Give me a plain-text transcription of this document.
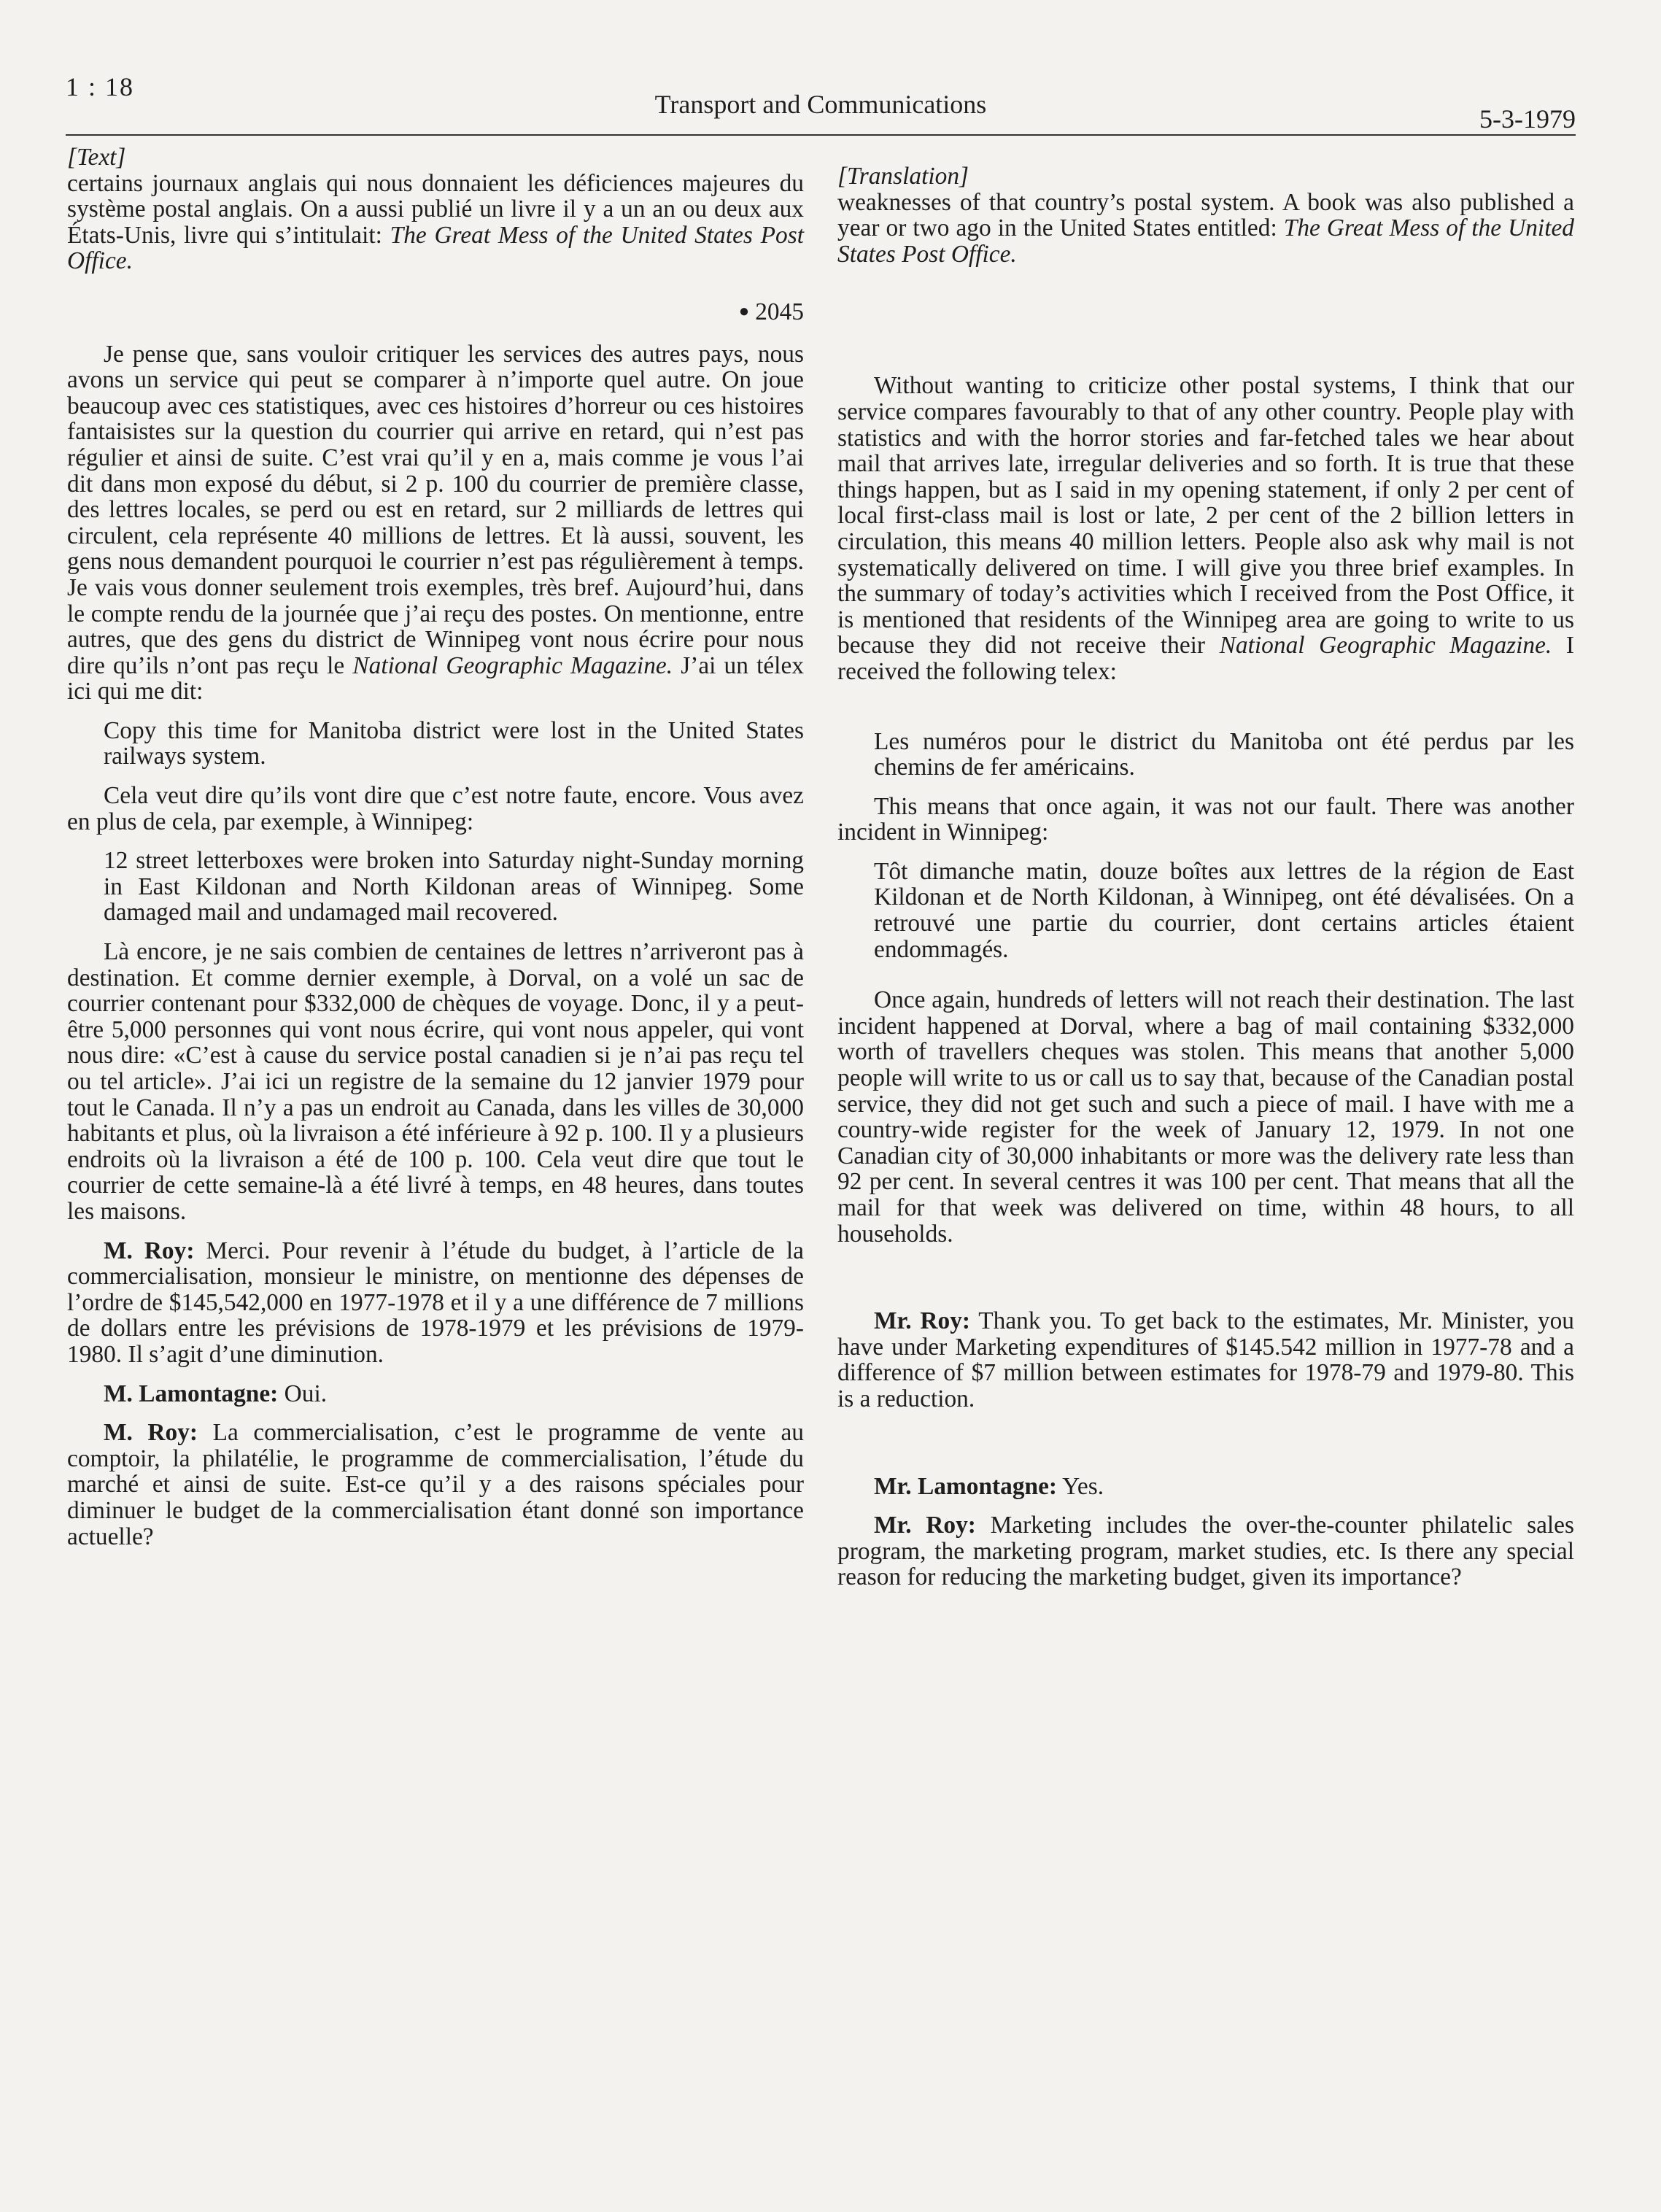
1 : 18
Transport and Communications	5-3-1979

[Text]

certains journaux anglais qui nous donnaient les déficiences majeures du système postal anglais. On a aussi publié un livre il y a un an ou deux aux États-Unis, livre qui s’intitulait: The Great Mess of the United States Post Office.

● 2045

Je pense que, sans vouloir critiquer les services des autres pays, nous avons un service qui peut se comparer à n’importe quel autre. On joue beaucoup avec ces statistiques, avec ces histoires d’horreur ou ces histoires fantaisistes sur la question du courrier qui arrive en retard, qui n’est pas régulier et ainsi de suite. C’est vrai qu’il y en a, mais comme je vous l’ai dit dans mon exposé du début, si 2 p. 100 du courrier de première classe, des lettres locales, se perd ou est en retard, sur 2 milliards de lettres qui circulent, cela représente 40 millions de lettres. Et là aussi, souvent, les gens nous demandent pourquoi le courrier n’est pas régulièrement à temps. Je vais vous donner seulement trois exemples, très bref. Aujourd’hui, dans le compte rendu de la journée que j’ai reçu des postes. On mentionne, entre autres, que des gens du district de Winnipeg vont nous écrire pour nous dire qu’ils n’ont pas reçu le National Geographic Magazine. J’ai un télex ici qui me dit:

Copy this time for Manitoba district were lost in the United States railways system.

Cela veut dire qu’ils vont dire que c’est notre faute, encore. Vous avez en plus de cela, par exemple, à Winnipeg:

12 street letterboxes were broken into Saturday night-Sunday morning in East Kildonan and North Kildonan areas of Winnipeg. Some damaged mail and undamaged mail recovered.

Là encore, je ne sais combien de centaines de lettres n’arriveront pas à destination. Et comme dernier exemple, à Dorval, on a volé un sac de courrier contenant pour $332,000 de chèques de voyage. Donc, il y a peut-être 5,000 personnes qui vont nous écrire, qui vont nous appeler, qui vont nous dire: «C’est à cause du service postal canadien si je n’ai pas reçu tel ou tel article». J’ai ici un registre de la semaine du 12 janvier 1979 pour tout le Canada. Il n’y a pas un endroit au Canada, dans les villes de 30,000 habitants et plus, où la livraison a été inférieure à 92 p. 100. Il y a plusieurs endroits où la livraison a été de 100 p. 100. Cela veut dire que tout le courrier de cette semaine-là a été livré à temps, en 48 heures, dans toutes les maisons.

M. Roy: Merci. Pour revenir à l’étude du budget, à l’article de la commercialisation, monsieur le ministre, on mentionne des dépenses de l’ordre de $145,542,000 en 1977-1978 et il y a une différence de 7 millions de dollars entre les prévisions de 1978-1979 et les prévisions de 1979-1980. Il s’agit d’une diminution.

M. Lamontagne: Oui.

M. Roy: La commercialisation, c’est le programme de vente au comptoir, la philatélie, le programme de commercialisation, l’étude du marché et ainsi de suite. Est-ce qu’il y a des raisons spéciales pour diminuer le budget de la commercialisation étant donné son importance actuelle?

[Translation]

weaknesses of that country’s postal system. A book was also published a year or two ago in the United States entitled: The Great Mess of the United States Post Office.

Without wanting to criticize other postal systems, I think that our service compares favourably to that of any other country. People play with statistics and with the horror stories and far-fetched tales we hear about mail that arrives late, irregular deliveries and so forth. It is true that these things happen, but as I said in my opening statement, if only 2 per cent of local first-class mail is lost or late, 2 per cent of the 2 billion letters in circulation, this means 40 million letters. People also ask why mail is not systematically delivered on time. I will give you three brief examples. In the summary of today’s activities which I received from the Post Office, it is mentioned that residents of the Winnipeg area are going to write to us because they did not receive their National Geographic Magazine. I received the following telex:

Les numéros pour le district du Manitoba ont été perdus par les chemins de fer américains.

This means that once again, it was not our fault. There was another incident in Winnipeg:

Tôt dimanche matin, douze boîtes aux lettres de la région de East Kildonan et de North Kildonan, à Winnipeg, ont été dévalisées. On a retrouvé une partie du courrier, dont certains articles étaient endommagés.

Once again, hundreds of letters will not reach their destination. The last incident happened at Dorval, where a bag of mail containing $332,000 worth of travellers cheques was stolen. This means that another 5,000 people will write to us or call us to say that, because of the Canadian postal service, they did not get such and such a piece of mail. I have with me a country-wide register for the week of January 12, 1979. In not one Canadian city of 30,000 inhabitants or more was the delivery rate less than 92 per cent. In several centres it was 100 per cent. That means that all the mail for that week was delivered on time, within 48 hours, to all households.

Mr. Roy: Thank you. To get back to the estimates, Mr. Minister, you have under Marketing expenditures of $145.542 million in 1977-78 and a difference of $7 million between estimates for 1978-79 and 1979-80. This is a reduction.

Mr. Lamontagne: Yes.

Mr. Roy: Marketing includes the over-the-counter philatelic sales program, the marketing program, market studies, etc. Is there any special reason for reducing the marketing budget, given its importance?
